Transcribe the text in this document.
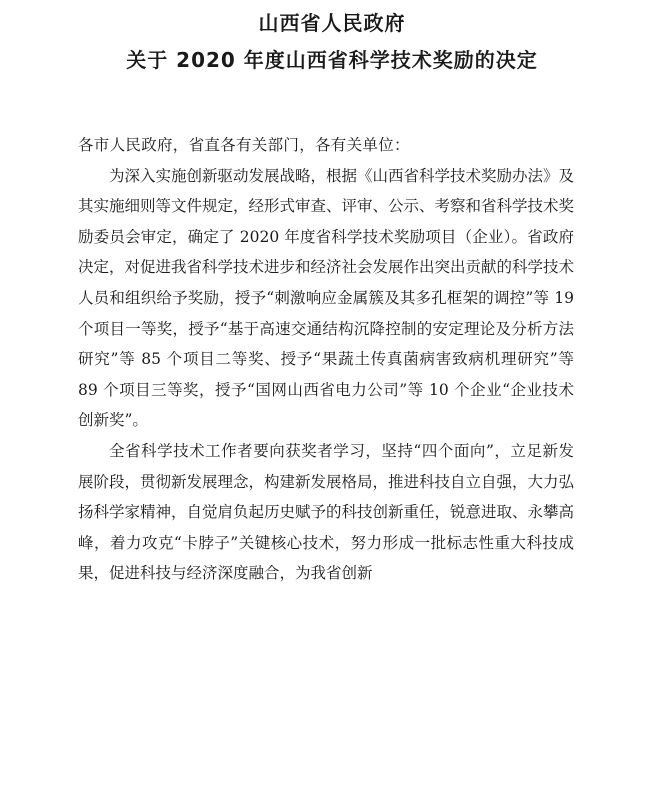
山西省人民政府
关于 2020 年度山西省科学技术奖励的决定
各市人民政府，省直各有关部门，各有关单位：

为深入实施创新驱动发展战略，根据《山西省科学技术奖励办法》及其实施细则等文件规定，经形式审查、评审、公示、考察和省科学技术奖励委员会审定，确定了 2020 年度省科学技术奖励项目（企业）。省政府决定，对促进我省科学技术进步和经济社会发展作出突出贡献的科学技术人员和组织给予奖励，授予“刺激响应金属簇及其多孔框架的调控”等 19 个项目一等奖，授予“基于高速交通结构沉降控制的安定理论及分析方法研究”等 85 个项目二等奖、授予“果蔬土传真菌病害致病机理研究”等 89 个项目三等奖，授予“国网山西省电力公司”等 10 个企业“企业技术创新奖”。

全省科学技术工作者要向获奖者学习，坚持“四个面向”，立足新发展阶段，贯彻新发展理念，构建新发展格局，推进科技自立自强，大力弘扬科学家精神，自觉肩负起历史赋予的科技创新重任，锐意进取、永攀高峰，着力攻克“卡脖子”关键核心技术，努力形成一批标志性重大科技成果，促进科技与经济深度融合，为我省创新
